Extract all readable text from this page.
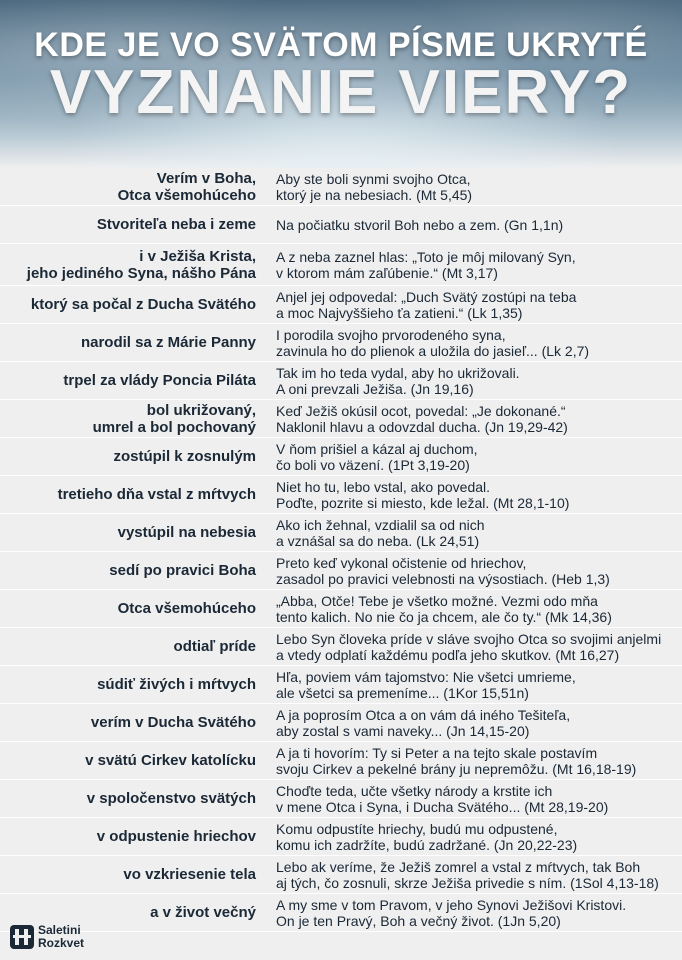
KDE JE VO SVÄTOM PÍSME UKRYTÉ
VYZNANIE VIERY?
Verím v Boha,
Otca všemohúceho
Aby ste boli synmi svojho Otca,
ktorý je na nebesiach. (Mt 5,45)
Stvoriteľa neba i zeme Na počiatku stvoril Boh nebo a zem. (Gn 1,1n)
i v Ježiša Krista,
jeho jediného Syna, nášho Pána
A z neba zaznel hlas: „Toto je môj milovaný Syn,
v ktorom mám zaľúbenie.“ (Mt 3,17)
ktorý sa počal z Ducha Svätého Anjel jej odpovedal: „Duch Svätý zostúpi na teba
a moc Najvyššieho ťa zatieni.“ (Lk 1,35)
narodil sa z Márie Panny I porodila svojho prvorodeného syna,
zavinula ho do plienok a uložila do jasieľ... (Lk 2,7)
trpel za vlády Poncia Piláta Tak im ho teda vydal, aby ho ukrižovali.
A oni prevzali Ježiša. (Jn 19,16)
bol ukrižovaný,
umrel a bol pochovaný
Keď Ježiš okúsil ocot, povedal: „Je dokonané.“
Naklonil hlavu a odovzdal ducha. (Jn 19,29-42)
zostúpil k zosnulým V ňom prišiel a kázal aj duchom,
čo boli vo väzení. (1Pt 3,19-20)
tretieho dňa vstal z mŕtvych Niet ho tu, lebo vstal, ako povedal.
Poďte, pozrite si miesto, kde ležal. (Mt 28,1-10)
vystúpil na nebesia Ako ich žehnal, vzdialil sa od nich
a vznášal sa do neba. (Lk 24,51)
sedí po pravici Boha Preto keď vykonal očistenie od hriechov,
zasadol po pravici velebnosti na výsostiach. (Heb 1,3)
Otca všemohúceho „Abba, Otče! Tebe je všetko možné. Vezmi odo mňa
tento kalich. No nie čo ja chcem, ale čo ty.“ (Mk 14,36)
odtiaľ príde Lebo Syn človeka príde v sláve svojho Otca so svojimi anjelmi
a vtedy odplatí každému podľa jeho skutkov. (Mt 16,27)
súdiť živých i mŕtvych Hľa, poviem vám tajomstvo: Nie všetci umrieme,
ale všetci sa premeníme... (1Kor 15,51n)
verím v Ducha Svätého A ja poprosím Otca a on vám dá iného Tešiteľa,
aby zostal s vami naveky... (Jn 14,15-20)
v svätú Cirkev katolícku A ja ti hovorím: Ty si Peter a na tejto skale postavím
svoju Cirkev a pekelné brány ju nepremôžu. (Mt 16,18-19)
v spoločenstvo svätých Choďte teda, učte všetky národy a krstite ich
v mene Otca i Syna, i Ducha Svätého... (Mt 28,19-20)
v odpustenie hriechov Komu odpustíte hriechy, budú mu odpustené,
komu ich zadržíte, budú zadržané. (Jn 20,22-23)
vo vzkriesenie tela Lebo ak veríme, že Ježiš zomrel a vstal z mŕtvych, tak Boh
aj tých, čo zosnuli, skrze Ježiša privedie s ním. (1Sol 4,13-18)
a v život večný A my sme v tom Pravom, v jeho Synovi Ježišovi Kristovi.
On je ten Pravý, Boh a večný život. (1Jn 5,20)
Saletini
Rozkvet
